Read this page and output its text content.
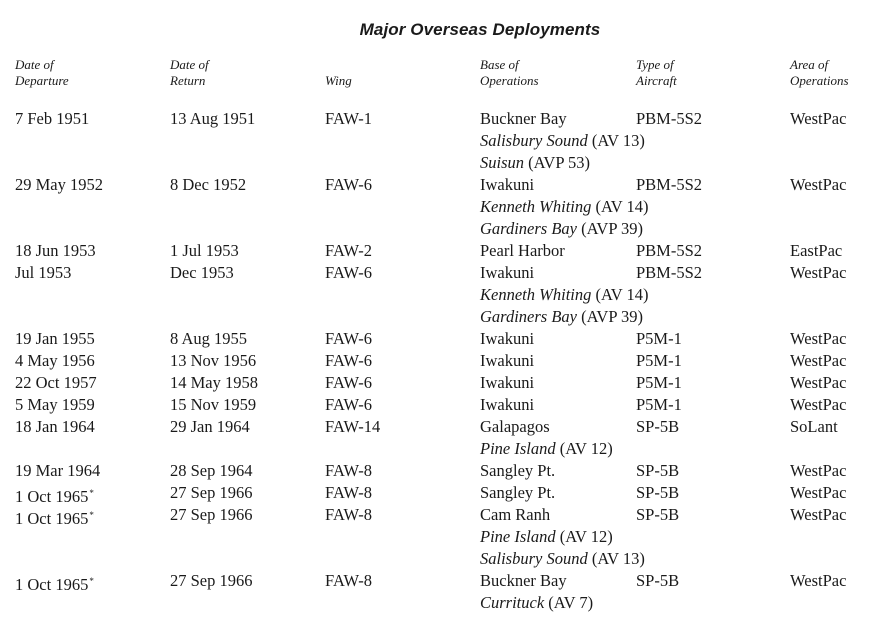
Major Overseas Deployments
Date of
Departure
Date of
Return	Wing
Base of
Operations
Type of
Aircraft
Area of
Operations
7 Feb 1951	13 Aug 1951	FAW-1	Buckner Bay	PBM-5S2	WestPac
Salisbury Sound (AV 13)
Suisun (AVP 53)
29 May 1952	8 Dec 1952	FAW-6	Iwakuni	PBM-5S2	WestPac
Kenneth Whiting (AV 14)
Gardiners Bay (AVP 39)
18 Jun 1953	1 Jul 1953	FAW-2	Pearl Harbor	PBM-5S2	EastPac
Jul 1953	Dec 1953	FAW-6	Iwakuni	PBM-5S2	WestPac
Kenneth Whiting (AV 14)
Gardiners Bay (AVP 39)
19 Jan 1955	8 Aug 1955	FAW-6	Iwakuni	P5M-1	WestPac
4 May 1956	13 Nov 1956	FAW-6	Iwakuni	P5M-1	WestPac
22 Oct 1957	14 May 1958	FAW-6	Iwakuni	P5M-1	WestPac
5 May 1959	15 Nov 1959	FAW-6	Iwakuni	P5M-1	WestPac
18 Jan 1964	29 Jan 1964	FAW-14	Galapagos	SP-5B	SoLant
Pine Island (AV 12)
19 Mar 1964	28 Sep 1964	FAW-8	Sangley Pt.	SP-5B	WestPac
1 Oct 1965*	27 Sep 1966	FAW-8	Sangley Pt.	SP-5B	WestPac
1 Oct 1965*	27 Sep 1966	FAW-8	Cam Ranh	SP-5B	WestPac
Pine Island (AV 12)
Salisbury Sound (AV 13)
1 Oct 1965*	27 Sep 1966	FAW-8	Buckner Bay	SP-5B	WestPac
Currituck (AV 7)
